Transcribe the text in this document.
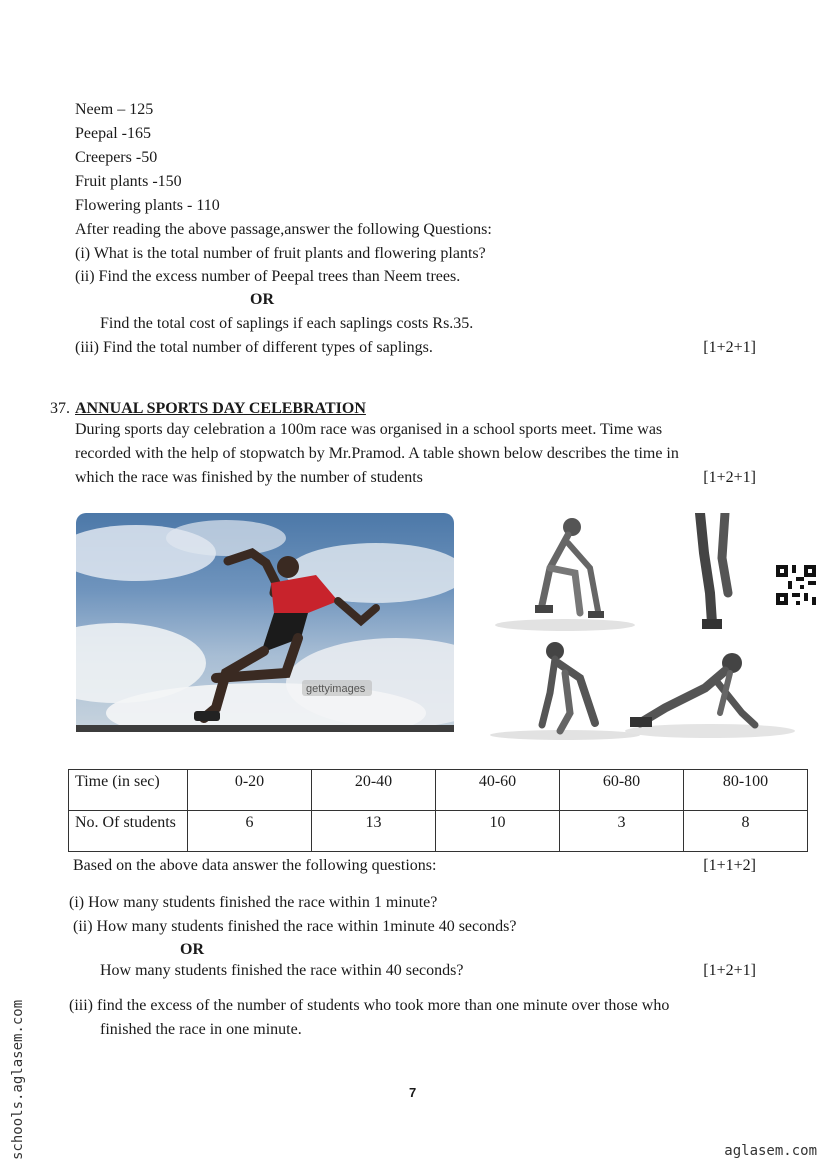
Neem – 125
Peepal -165
Creepers -50
Fruit plants -150
Flowering plants - 110
After reading the above passage,answer the following Questions:
(i) What is the total number of fruit plants and flowering plants?
(ii) Find the excess number of Peepal trees than Neem trees.
OR
Find the total cost of saplings if each saplings costs Rs.35.
(iii) Find the total number of different types of saplings.	[1+2+1]
37. ANNUAL SPORTS DAY CELEBRATION
During sports day celebration a 100m race was organised in a school sports meet. Time was
recorded with the help of stopwatch by Mr.Pramod. A table shown below describes the time in
which the race was finished by the number of students	[1+2+1]
gettyimages
Time (in sec)	0-20	20-40	40-60	60-80	80-100
No. Of students	6	13	10	3	8
Based on the above data answer the following questions:	[1+1+2]
(i) How many students finished the race within 1 minute?
(ii) How many students finished the race within 1minute 40 seconds?
OR
How many students finished the race within 40 seconds?	[1+2+1]
(iii) find the excess of the number of students who took more than one minute over those who
finished the race in one minute.
7
schools.aglasem.com	aglasem.com
